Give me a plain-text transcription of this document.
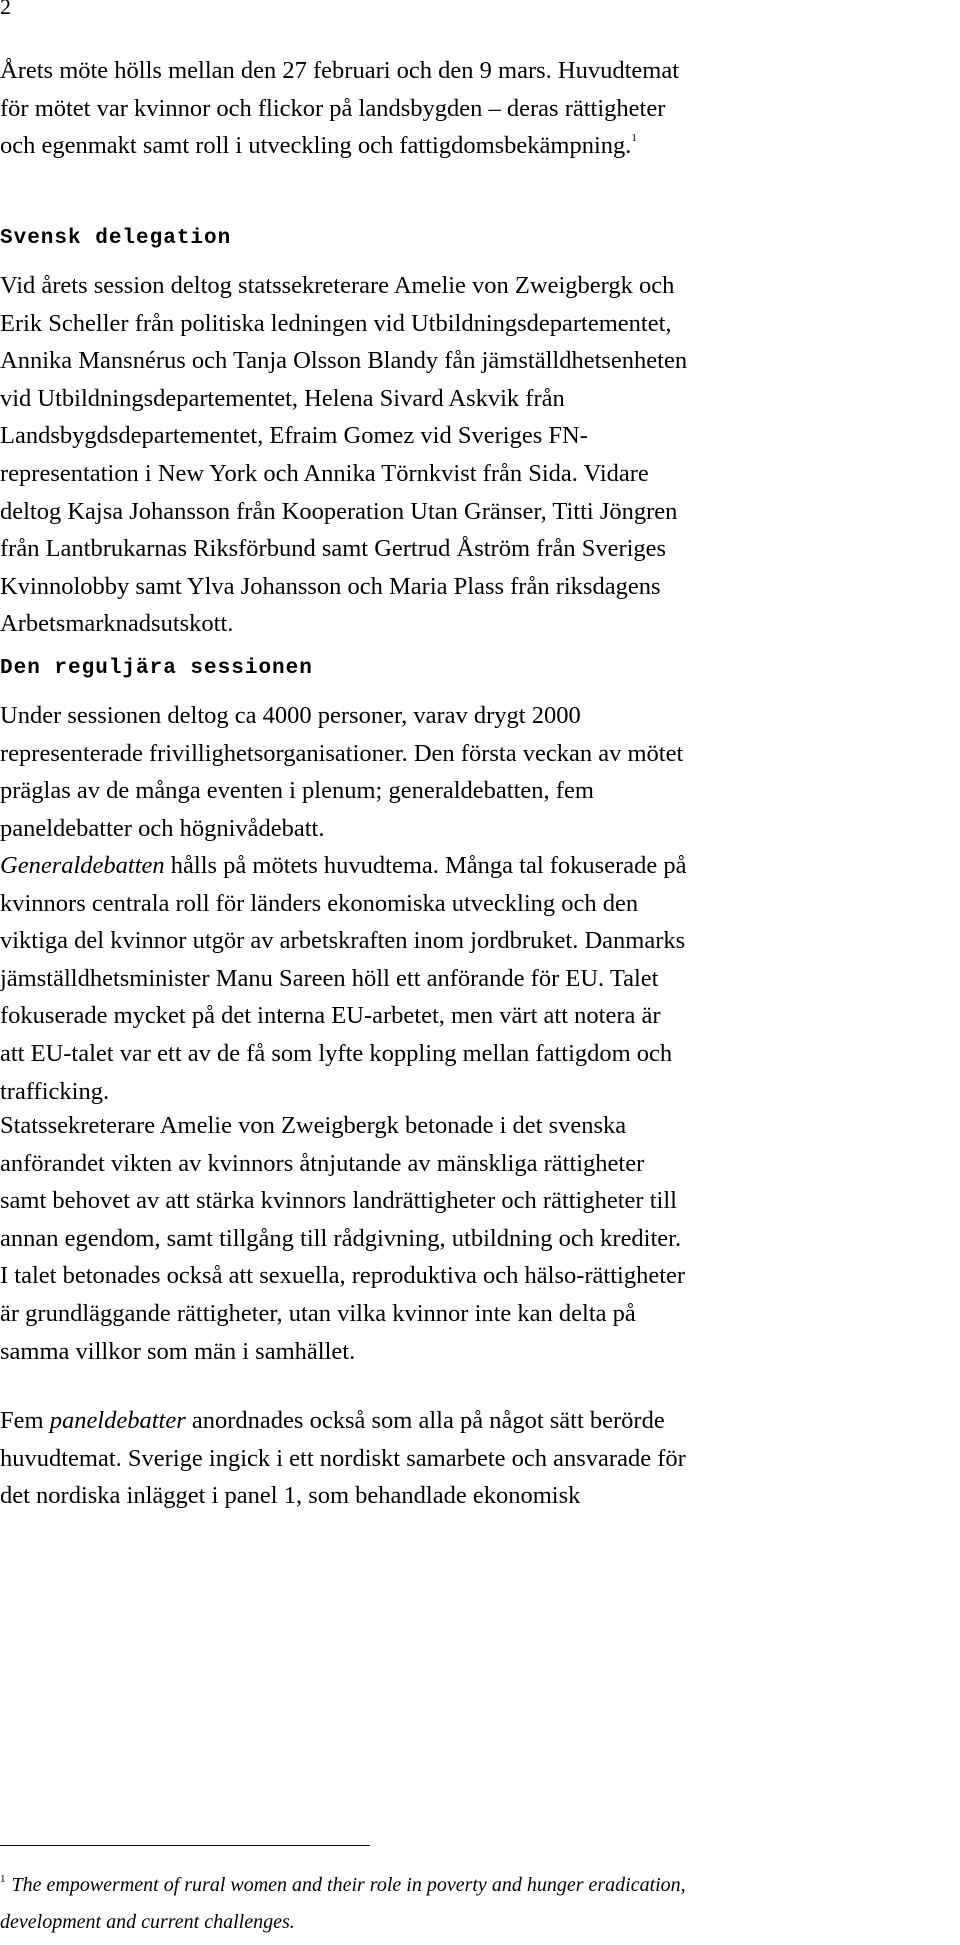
2
Årets möte hölls mellan den 27 februari och den 9 mars. Huvudtemat
för mötet var kvinnor och flickor på landsbygden – deras rättigheter
och egenmakt samt roll i utveckling och fattigdomsbekämpning.$^1$
Svensk delegation
Vid årets session deltog statssekreterare Amelie von Zweigbergk och
Erik Scheller från politiska ledningen vid Utbildningsdepartementet,
Annika Mansnérus och Tanja Olsson Blandy fån jämställdhetsenheten
vid Utbildningsdepartementet, Helena Sivard Askvik från
Landsbygdsdepartementet, Efraim Gomez vid Sveriges FN-
representation i New York och Annika Törnkvist från Sida. Vidare
deltog Kajsa Johansson från Kooperation Utan Gränser, Titti Jöngren
från Lantbrukarnas Riksförbund samt Gertrud Åström från Sveriges
Kvinnolobby samt Ylva Johansson och Maria Plass från riksdagens
Arbetsmarknadsutskott.
Den reguljära sessionen
Under sessionen deltog ca 4000 personer, varav drygt 2000
representerade frivillighetsorganisationer. Den första veckan av mötet
präglas av de många eventen i plenum; generaldebatten, fem
paneldebatter och högnivådebatt.
Generaldebatten hålls på mötets huvudtema. Många tal fokuserade på
kvinnors centrala roll för länders ekonomiska utveckling och den
viktiga del kvinnor utgör av arbetskraften inom jordbruket. Danmarks
jämställdhetsminister Manu Sareen höll ett anförande för EU. Talet
fokuserade mycket på det interna EU-arbetet, men värt att notera är
att EU-talet var ett av de få som lyfte koppling mellan fattigdom och
trafficking.
Statssekreterare Amelie von Zweigbergk betonade i det svenska
anförandet vikten av kvinnors åtnjutande av mänskliga rättigheter
samt behovet av att stärka kvinnors landrättigheter och rättigheter till
annan egendom, samt tillgång till rådgivning, utbildning och krediter.
I talet betonades också att sexuella, reproduktiva och hälso-rättigheter
är grundläggande rättigheter, utan vilka kvinnor inte kan delta på
samma villkor som män i samhället.
Fem paneldebatter anordnades också som alla på något sätt berörde
huvudtemat. Sverige ingick i ett nordiskt samarbete och ansvarade för
det nordiska inlägget i panel 1, som behandlade ekonomisk
$^1$ The empowerment of rural women and their role in poverty and hunger eradication,
development and current challenges.
